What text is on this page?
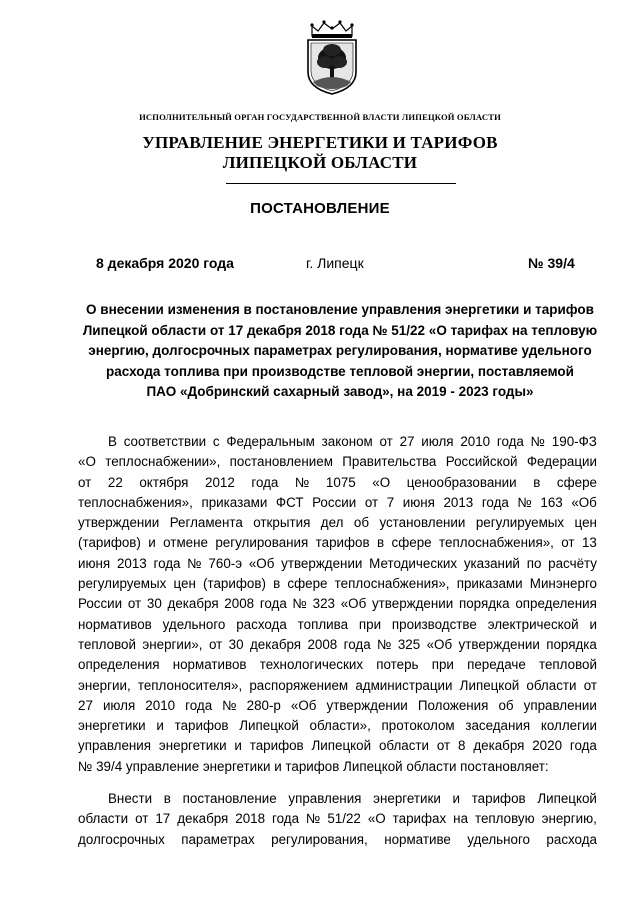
ИСПОЛНИТЕЛЬНЫЙ ОРГАН ГОСУДАРСТВЕННОЙ ВЛАСТИ ЛИПЕЦКОЙ ОБЛАСТИ
УПРАВЛЕНИЕ ЭНЕРГЕТИКИ И ТАРИФОВ
ЛИПЕЦКОЙ ОБЛАСТИ
ПОСТАНОВЛЕНИЕ
8 декабря 2020 года	г. Липецк	№ 39/4
О внесении изменения в постановление управления энергетики и тарифов
Липецкой области от 17 декабря 2018 года № 51/22 «О тарифах на тепловую
энергию, долгосрочных параметрах регулирования, нормативе удельного
расхода топлива при производстве тепловой энергии, поставляемой
ПАО «Добринский сахарный завод», на 2019 - 2023 годы»
В соответствии с Федеральным законом от 27 июля 2010 года № 190-ФЗ
«О теплоснабжении», постановлением Правительства Российской Федерации
от 22 октября 2012 года № 1075 «О ценообразовании в сфере
теплоснабжения», приказами ФСТ России от 7 июня 2013 года № 163 «Об
утверждении Регламента открытия дел об установлении регулируемых цен
(тарифов) и отмене регулирования тарифов в сфере теплоснабжения», от 13
июня 2013 года № 760-э «Об утверждении Методических указаний по расчёту
регулируемых цен (тарифов) в сфере теплоснабжения», приказами Минэнерго
России от 30 декабря 2008 года № 323 «Об утверждении порядка определения
нормативов удельного расхода топлива при производстве электрической и
тепловой энергии», от 30 декабря 2008 года № 325 «Об утверждении порядка
определения нормативов технологических потерь при передаче тепловой
энергии, теплоносителя», распоряжением администрации Липецкой области от
27 июля 2010 года № 280-р «Об утверждении Положения об управлении
энергетики и тарифов Липецкой области», протоколом заседания коллегии
управления энергетики и тарифов Липецкой области от 8 декабря 2020 года
№ 39/4 управление энергетики и тарифов Липецкой области постановляет:
Внести в постановление управления энергетики и тарифов Липецкой
области от 17 декабря 2018 года № 51/22 «О тарифах на тепловую энергию,
долгосрочных параметрах регулирования, нормативе удельного расхода
